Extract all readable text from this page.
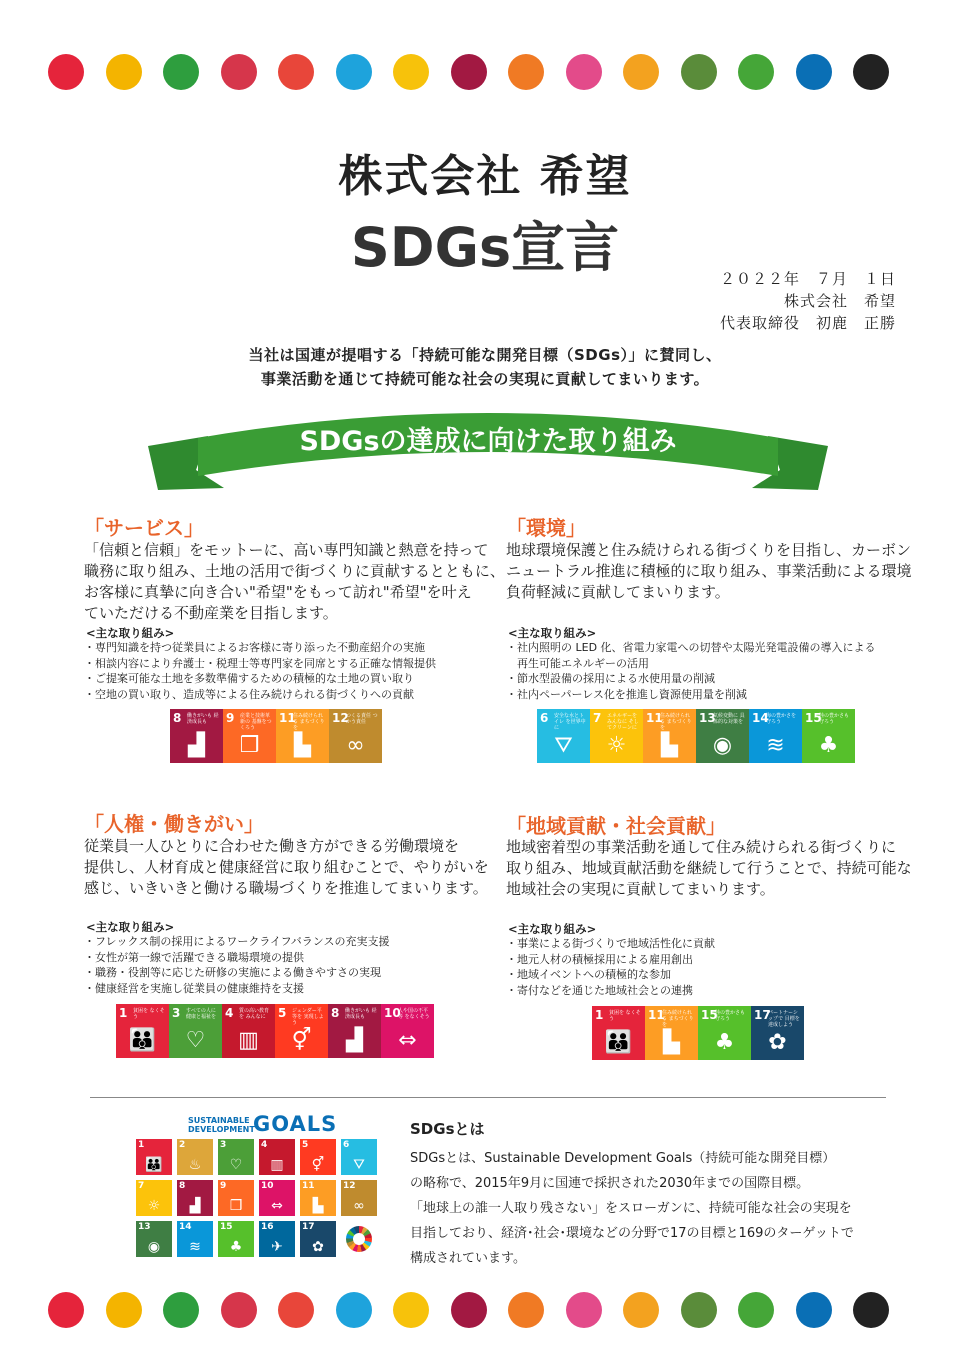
株式会社 希望
SDGs宣言	２０２２年　７月　１日
株式会社　希望
代表取締役　初鹿　正勝
当社は国連が提唱する「持続可能な開発目標（SDGs）」に賛同し、
事業活動を通じて持続可能な社会の実現に貢献してまいります。
SDGsの達成に向けた取り組み
「サービス」
「信頼と信頼」をモットーに、高い専門知識と熱意を持って
職務に取り組み、土地の活用で街づくりに貢献するとともに、
お客様に真摯に向き合い"希望"をもって訪れ"希望"を叶え
ていただける不動産業を目指します。
<主な取り組み>
・専門知識を持つ従業員によるお客様に寄り添った不動産紹介の実施
・相談内容により弁護士・税理士等専門家を同席とする正確な情報提供
・ご提案可能な土地を多数準備するための積極的な土地の買い取り
・空地の買い取り、造成等による住み続けられる街づくりへの貢献
8 働きがいも 経済成長も
▟
9 産業と技術革新の 基盤をつくろう
❒
11
住み続けられる まちづくりを
▙
12
つくる責任 つかう責任
∞
「環境」
地球環境保護と住み続けられる街づくりを目指し、カーボン
ニュートラル推進に積極的に取り組み、事業活動による環境
負荷軽減に貢献してまいります。
<主な取り組み>
・社内照明の LED 化、省電力家電への切替や太陽光発電設備の導入による
　再生可能エネルギーの活用
・節水型設備の採用による水使用量の削減
・社内ペーパーレス化を推進し資源使用量を削減
6 安全な水とトイレ を世界中に
⛛
7 エネルギーをみんなに そしてクリーンに
☼
11
住み続けられる まちづくりを
▙
13
気候変動に 具体的な対策を
◉
14
海の豊かさを 守ろう
≋
15
陸の豊かさも 守ろう
♣
「人権・働きがい」
従業員一人ひとりに合わせた働き方ができる労働環境を
提供し、人材育成と健康経営に取り組むことで、やりがいを
感じ、いきいきと働ける職場づくりを推進してまいります。
<主な取り組み>
・フレックス制の採用によるワークライフバランスの充実支援
・女性が第一線で活躍できる職場環境の提供
・職務・役割等に応じた研修の実施による働きやすさの実現
・健康経営を実施し従業員の健康維持を支援
1 貧困を なくそう
👪
3 すべての人に 健康と福祉を
♡
4 質の高い教育を みんなに
▥
5 ジェンダー平等を 実現しよう
⚥
8 働きがいも 経済成長も
▟
10
人や国の不平等 をなくそう
⇔
「地域貢献・社会貢献」
地域密着型の事業活動を通して住み続けられる街づくりに
取り組み、地域貢献活動を継続して行うことで、持続可能な
地域社会の実現に貢献してまいります。
<主な取り組み>
・事業による街づくりで地域活性化に貢献
・地元人材の積極採用による雇用創出
・地域イベントへの積極的な参加
・寄付などを通じた地域社会との連携
1 貧困を なくそう
👪
11
住み続けられる まちづくりを
▙
15
陸の豊かさも 守ろう
♣
17
パートナーシップで 目標を達成しよう
✿
SUSTAINABLE
DEVELOPMENT
GOALS
1
👪
2
♨
3
♡
4
▥
5
⚥
6
⛛
7
☼
8
▟
9
❒
10
⇔
11
▙
12
∞
13
◉
14
≋
15
♣
16
✈
17
✿
SDGsとは
SDGsとは、Sustainable Development Goals（持続可能な開発目標）
の略称で、2015年9月に国連で採択された2030年までの国際目標。
「地球上の誰一人取り残さない」をスローガンに、持続可能な社会の実現を
目指しており、経済･社会･環境などの分野で17の目標と169のターゲットで
構成されています。
